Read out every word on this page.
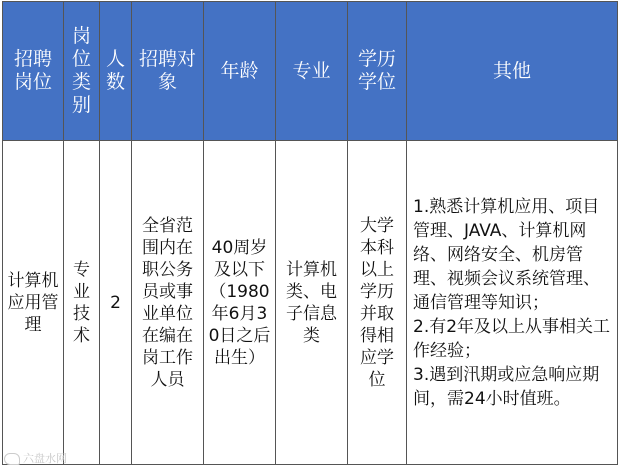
招聘岗位	岗位类别	人数	招聘对象	年龄	专业	学历学位	其他
计算机应用管理	专业技术	2	全省范围内在职公务员或事业单位在编在岗工作人员	40周岁及以下（1980年6月30日之后出生）	计算机类、电子信息类	大学本科以上学历并取得相应学位	1.熟悉计算机应用、项目管理、JAVA、计算机网络、网络安全、机房管理、视频会议系统管理、通信管理等知识；
2.有2年及以上从事相关工作经验；
3.遇到汛期或应急响应期间，需24小时值班。
六盘水网
